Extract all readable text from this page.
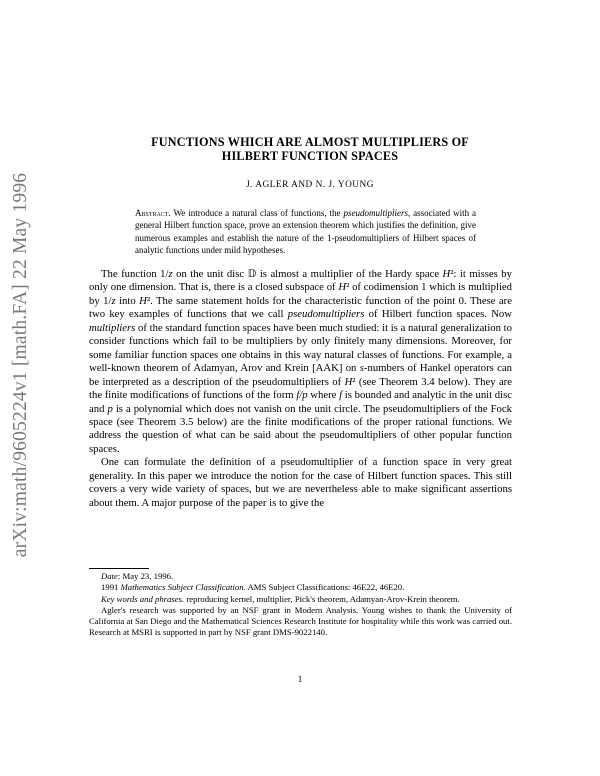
arXiv:math/9605224v1 [math.FA] 22 May 1996
FUNCTIONS WHICH ARE ALMOST MULTIPLIERS OF
HILBERT FUNCTION SPACES
J. AGLER AND N. J. YOUNG
Abstract. We introduce a natural class of functions, the pseudomultipliers, associated with a general Hilbert function space, prove an extension theorem which justifies the definition, give numerous examples and establish the nature of the 1-pseudomultipliers of Hilbert spaces of analytic functions under mild hypotheses.

The function 1/z on the unit disc 𝔻 is almost a multiplier of the Hardy space H²: it misses by only one dimension. That is, there is a closed subspace of H² of codimension 1 which is multiplied by 1/z into H². The same statement holds for the characteristic function of the point 0. These are two key examples of functions that we call pseudomultipliers of Hilbert function spaces. Now multipliers of the standard function spaces have been much studied: it is a natural generalization to consider functions which fail to be multipliers by only finitely many dimensions. Moreover, for some familiar function spaces one obtains in this way natural classes of functions. For example, a well-known theorem of Adamyan, Arov and Krein [AAK] on s-numbers of Hankel operators can be interpreted as a description of the pseudomultipliers of H² (see Theorem 3.4 below). They are the finite modifications of functions of the form f/p where f is bounded and analytic in the unit disc and p is a polynomial which does not vanish on the unit circle. The pseudomultipliers of the Fock space (see Theorem 3.5 below) are the finite modifications of the proper rational functions. We address the question of what can be said about the pseudomultipliers of other popular function spaces.

One can formulate the definition of a pseudomultiplier of a function space in very great generality. In this paper we introduce the notion for the case of Hilbert function spaces. This still covers a very wide variety of spaces, but we are nevertheless able to make significant assertions about them. A major purpose of the paper is to give the

Date: May 23, 1996.

1991 Mathematics Subject Classification. AMS Subject Classifications: 46E22, 46E20.

Key words and phrases. reproducing kernel, multiplier, Pick's theorem, Adamyan-Arov-Krein theorem.

Agler's research was supported by an NSF grant in Modern Analysis. Young wishes to thank the University of California at San Diego and the Mathematical Sciences Research Institute for hospitality while this work was carried out. Research at MSRI is supported in part by NSF grant DMS-9022140.

1
